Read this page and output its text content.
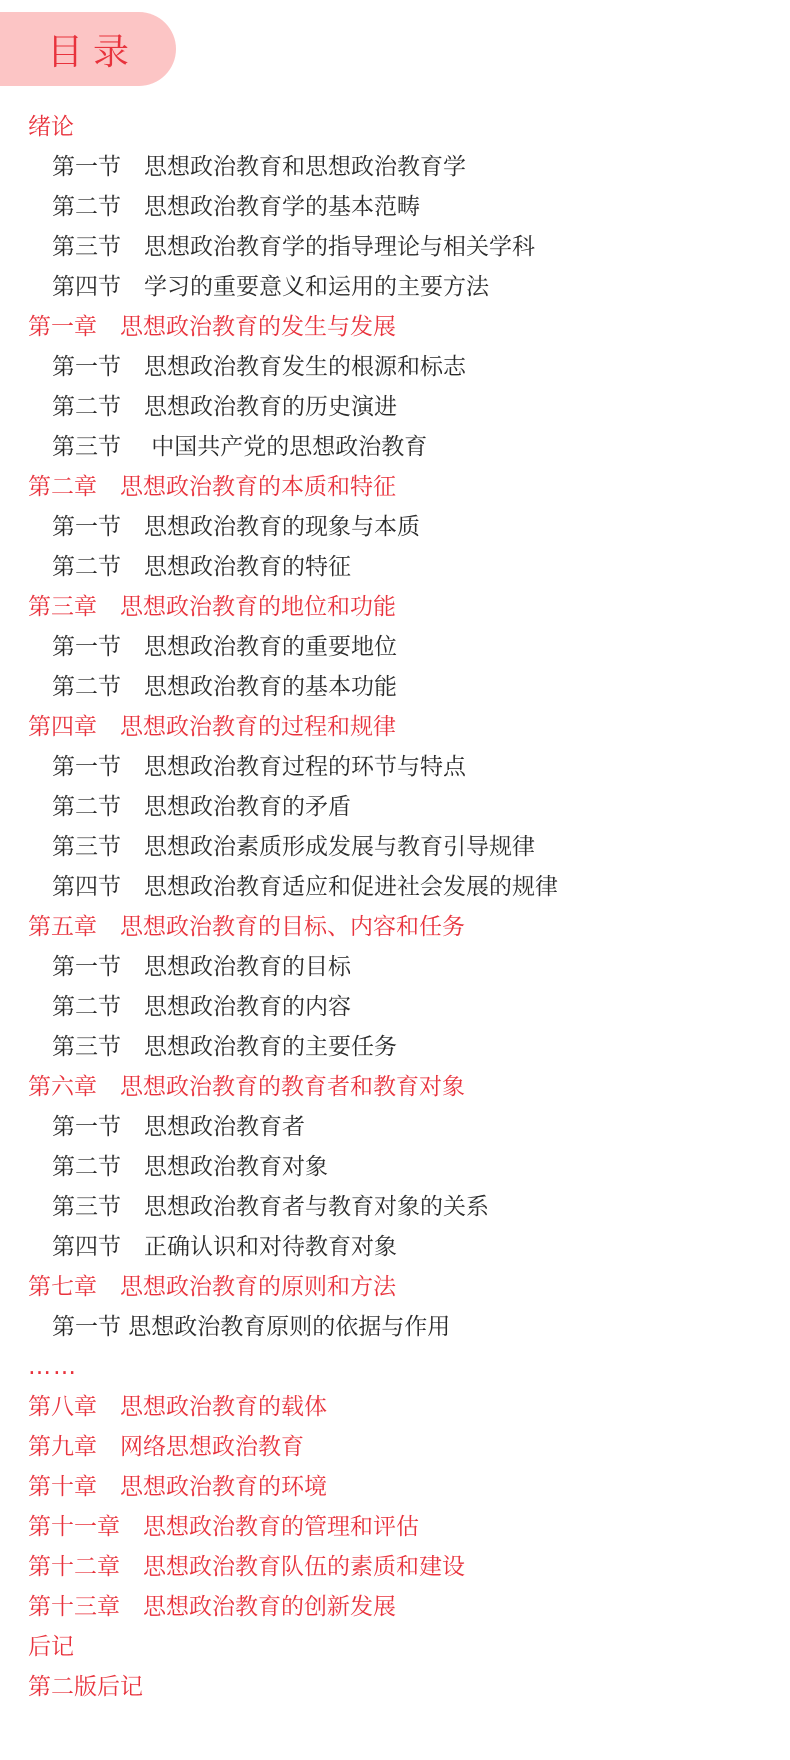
目录
绪论
第一节　思想政治教育和思想政治教育学
第二节　思想政治教育学的基本范畴
第三节　思想政治教育学的指导理论与相关学科
第四节　学习的重要意义和运用的主要方法
第一章　思想政治教育的发生与发展
第一节　思想政治教育发生的根源和标志
第二节　思想政治教育的历史演进
第三节　 中国共产党的思想政治教育
第二章　思想政治教育的本质和特征
第一节　思想政治教育的现象与本质
第二节　思想政治教育的特征
第三章　思想政治教育的地位和功能
第一节　思想政治教育的重要地位
第二节　思想政治教育的基本功能
第四章　思想政治教育的过程和规律
第一节　思想政治教育过程的环节与特点
第二节　思想政治教育的矛盾
第三节　思想政治素质形成发展与教育引导规律
第四节　思想政治教育适应和促进社会发展的规律
第五章　思想政治教育的目标、内容和任务
第一节　思想政治教育的目标
第二节　思想政治教育的内容
第三节　思想政治教育的主要任务
第六章　思想政治教育的教育者和教育对象
第一节　思想政治教育者
第二节　思想政治教育对象
第三节　思想政治教育者与教育对象的关系
第四节　正确认识和对待教育对象
第七章　思想政治教育的原则和方法
第一节 思想政治教育原则的依据与作用
……
第八章　思想政治教育的载体
第九章　网络思想政治教育
第十章　思想政治教育的环境
第十一章　思想政治教育的管理和评估
第十二章　思想政治教育队伍的素质和建设
第十三章　思想政治教育的创新发展
后记
第二版后记
